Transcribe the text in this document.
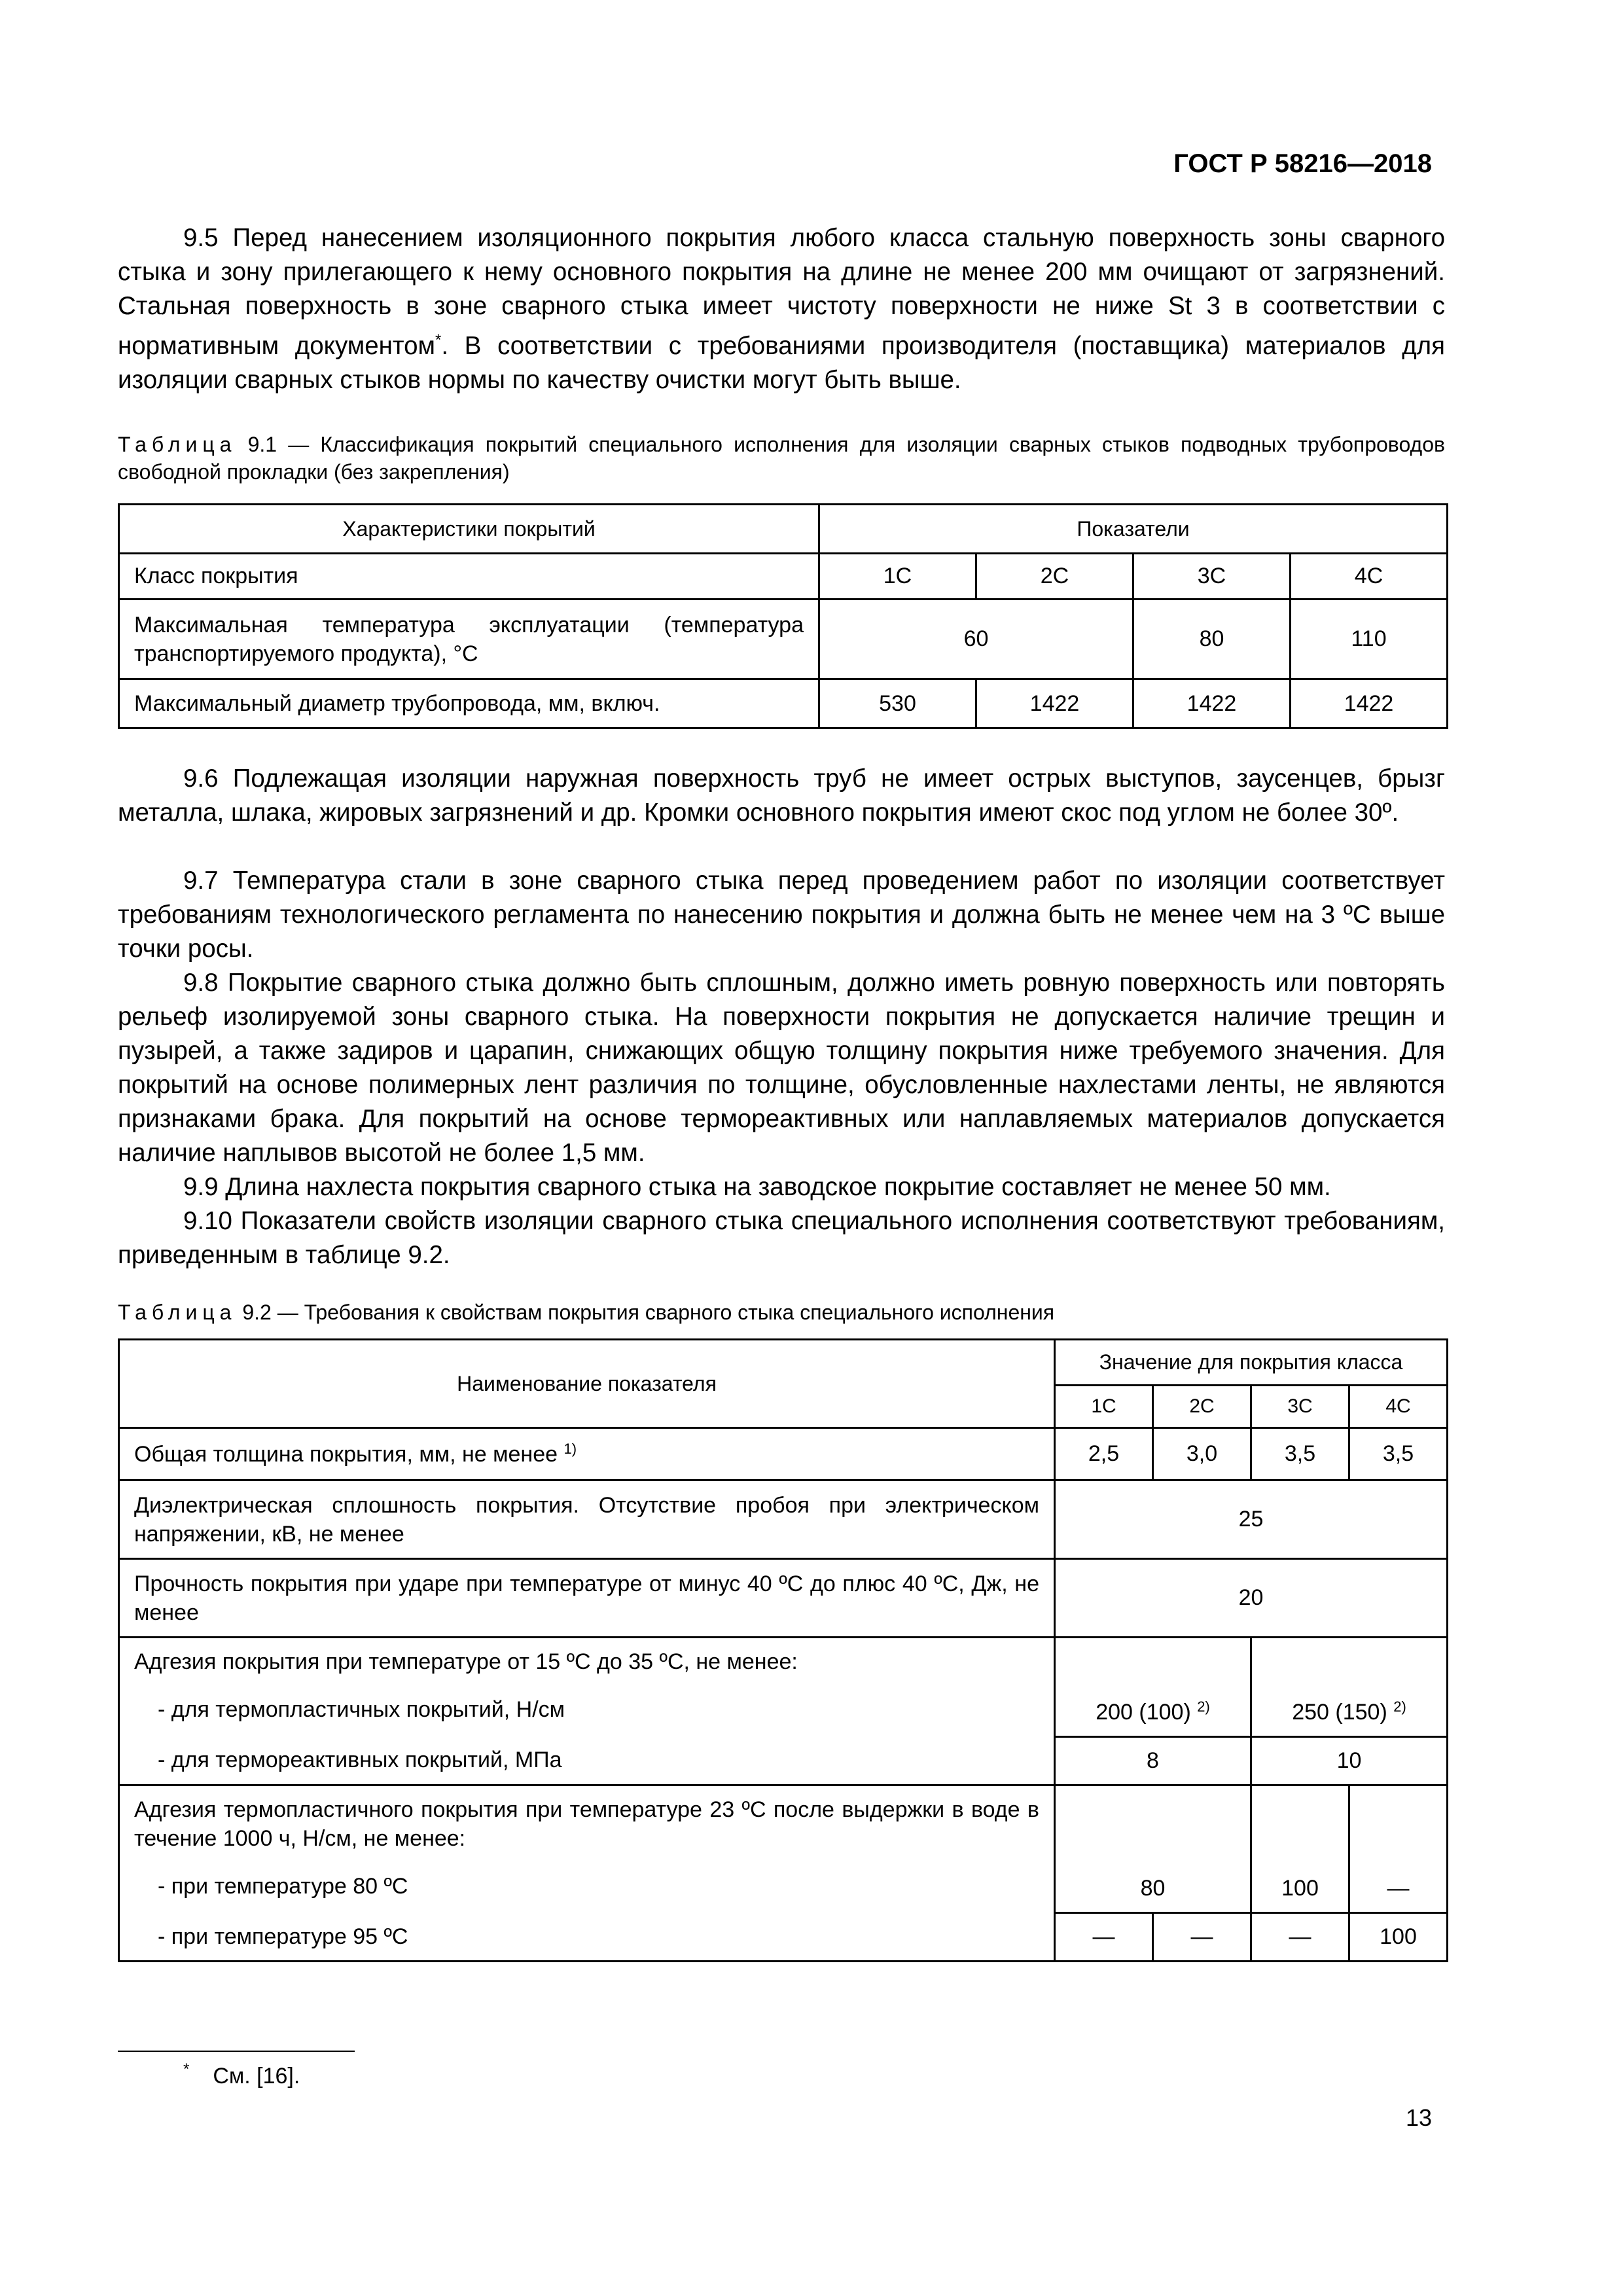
ГОСТ Р 58216—2018

9.5 Перед нанесением изоляционного покрытия любого класса стальную поверхность зоны сварного стыка и зону прилегающего к нему основного покрытия на длине не менее 200 мм очищают от загрязнений. Стальная поверхность в зоне сварного стыка имеет чистоту поверхности не ниже St 3 в соответствии с нормативным документом*. В соответствии с требованиями производителя (поставщика) материалов для изоляции сварных стыков нормы по качеству очистки могут быть выше.

Таблица 9.1 — Классификация покрытий специального исполнения для изоляции сварных стыков подводных трубопроводов свободной прокладки (без закрепления)
Характеристики покрытий	Показатели			
Класс покрытия	1С	2С	3С	4С
Максимальная температура эксплуатации (температура транспортируемого продукта), °С	60		80	110
Максимальный диаметр трубопровода, мм, включ.	530	1422	1422	1422

9.6 Подлежащая изоляции наружная поверхность труб не имеет острых выступов, заусенцев, брызг металла, шлака, жировых загрязнений и др. Кромки основного покрытия имеют скос под углом не более 30º.

9.7 Температура стали в зоне сварного стыка перед проведением работ по изоляции соответствует требованиям технологического регламента по нанесению покрытия и должна быть не менее чем на 3 ºС выше точки росы.

9.8 Покрытие сварного стыка должно быть сплошным, должно иметь ровную поверхность или повторять рельеф изолируемой зоны сварного стыка. На поверхности покрытия не допускается наличие трещин и пузырей, а также задиров и царапин, снижающих общую толщину покрытия ниже требуемого значения. Для покрытий на основе полимерных лент различия по толщине, обусловленные нахлестами ленты, не являются признаками брака. Для покрытий на основе термореактивных или наплавляемых материалов допускается наличие наплывов высотой не более 1,5 мм.

9.9 Длина нахлеста покрытия сварного стыка на заводское покрытие составляет не менее 50 мм.

9.10 Показатели свойств изоляции сварного стыка специального исполнения соответствуют требованиям, приведенным в таблице 9.2.

Таблица 9.2 — Требования к свойствам покрытия сварного стыка специального исполнения
Наименование показателя	Значение для покрытия класса			
	1С	2С	3С	4С
Общая толщина покрытия, мм, не менее $^{1)}$	2,5	3,0	3,5	3,5
Диэлектрическая сплошность покрытия. Отсутствие пробоя при электрическом напряжении, кВ, не менее	25			
Прочность покрытия при ударе при температуре от минус 40 ºС до плюс 40 ºС, Дж, не менее	20			

Адгезия покрытия при температуре от 15 ºС до 35 ºС, не менее:
- для термопластичных покрытий, Н/см	200 (100) $^{2)}$		250 (150) $^{2)}$

- для термореактивных покрытий, МПа	8		10	

Адгезия термопластичного покрытия при температуре 23 ºС после выдержки в воде в течение 1000 ч, Н/см, не менее:
- при температуре 80 ºС	80		100	—

- при температуре 95 ºС	—	—	—	100
* См. [16].
13
